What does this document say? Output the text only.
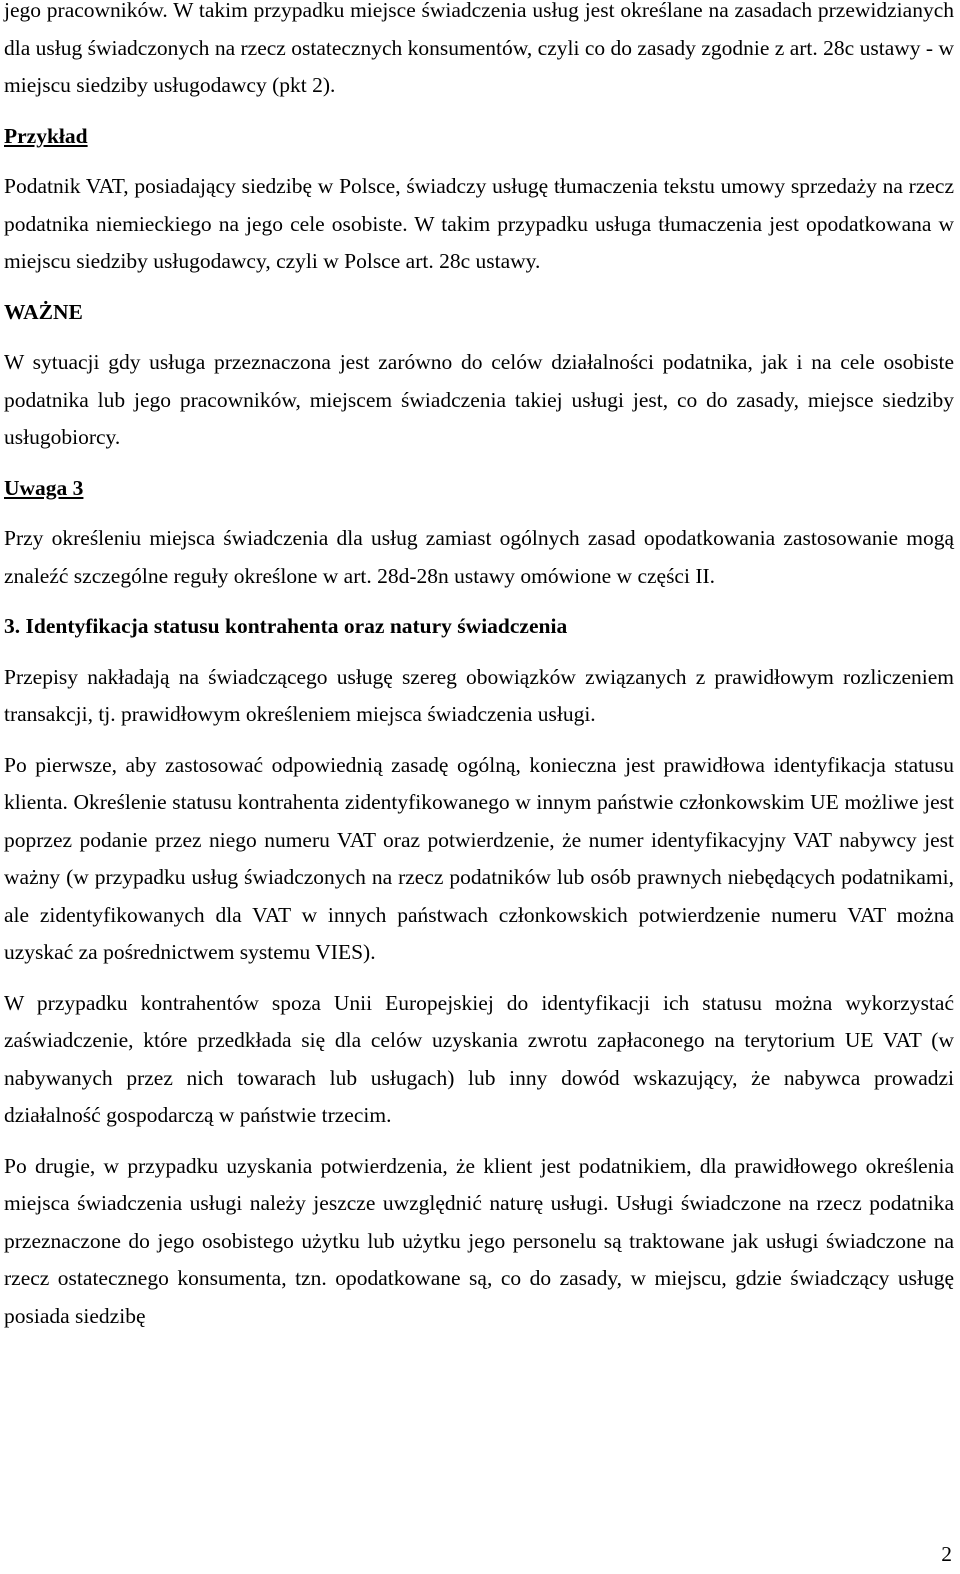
jego pracowników. W takim przypadku miejsce świadczenia usług jest określane na zasadach przewidzianych dla usług świadczonych na rzecz ostatecznych konsumentów, czyli co do zasady zgodnie z art. 28c ustawy - w miejscu siedziby usługodawcy (pkt 2).

Przykład

Podatnik VAT, posiadający siedzibę w Polsce, świadczy usługę tłumaczenia tekstu umowy sprzedaży na rzecz podatnika niemieckiego na jego cele osobiste. W takim przypadku usługa tłumaczenia jest opodatkowana w miejscu siedziby usługodawcy, czyli w Polsce art. 28c ustawy.

WAŻNE

W sytuacji gdy usługa przeznaczona jest zarówno do celów działalności podatnika, jak i na cele osobiste podatnika lub jego pracowników, miejscem świadczenia takiej usługi jest, co do zasady, miejsce siedziby usługobiorcy.

Uwaga 3

Przy określeniu miejsca świadczenia dla usług zamiast ogólnych zasad opodatkowania zastosowanie mogą znaleźć szczególne reguły określone w art. 28d-28n ustawy omówione w części II.

3. Identyfikacja statusu kontrahenta oraz natury świadczenia

Przepisy nakładają na świadczącego usługę szereg obowiązków związanych z prawidłowym rozliczeniem transakcji, tj. prawidłowym określeniem miejsca świadczenia usługi.

Po pierwsze, aby zastosować odpowiednią zasadę ogólną, konieczna jest prawidłowa identyfikacja statusu klienta. Określenie statusu kontrahenta zidentyfikowanego w innym państwie członkowskim UE możliwe jest poprzez podanie przez niego numeru VAT oraz potwierdzenie, że numer identyfikacyjny VAT nabywcy jest ważny (w przypadku usług świadczonych na rzecz podatników lub osób prawnych niebędących podatnikami, ale zidentyfikowanych dla VAT w innych państwach członkowskich potwierdzenie numeru VAT można uzyskać za pośrednictwem systemu VIES).

W przypadku kontrahentów spoza Unii Europejskiej do identyfikacji ich statusu można wykorzystać zaświadczenie, które przedkłada się dla celów uzyskania zwrotu zapłaconego na terytorium UE VAT (w nabywanych przez nich towarach lub usługach) lub inny dowód wskazujący, że nabywca prowadzi działalność gospodarczą w państwie trzecim.

Po drugie, w przypadku uzyskania potwierdzenia, że klient jest podatnikiem, dla prawidłowego określenia miejsca świadczenia usługi należy jeszcze uwzględnić naturę usługi. Usługi świadczone na rzecz podatnika przeznaczone do jego osobistego użytku lub użytku jego personelu są traktowane jak usługi świadczone na rzecz ostatecznego konsumenta, tzn. opodatkowane są, co do zasady, w miejscu, gdzie świadczący usługę posiada siedzibę

2
